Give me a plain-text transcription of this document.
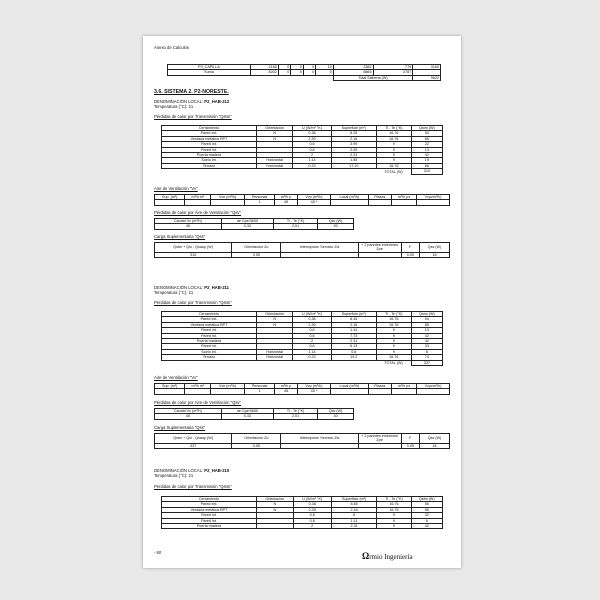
Anexo de Calculos
P3_CAPILLA	2165	0	0	0	10	2382	779	3160
Suma	8202	0	0	0	0	6865	2787	
						Total Sistema (W)		9622
3.6. SISTEMA 2. P2-NORESTE.
DENOMINACIÓN LOCAL: P2_HAB-212
Temperatura (°C): 21
Pérdidas de calor por Transmisión "Qstm"
Cerramiento	Orientación	U (W/m² °K)	Superficie (m²)	Ti - Te (°K)	Qstm (W)
Pared ext.	N	0.38	8.25	16.76	53
Ventana metálica RPT	N	2.39	2.16	16.76	85
Pared int.		0.6	3.99	9	22
Pared int.		0.6	2.39	9	13
Puerta madera		2	2.31	9	42
Suelo int.	Horizontal	1.14	1.85	9	19
Terrazo	Horizontal	0.23	17.19	16.76	66
				TOTAL (W)	310
Aire de Ventilación "Vv"
Sup. (m²)	m³/h m²	Vve (m³/h)	Personas	m³/h p	Vvp (m³/h)	Local (m³/h)	Plazas	m³/h pz	Vvpzm³/h)
			1	45	45 *				
Pérdidas de calor por Aire de Ventilación "Qsv"
Caudal Vv (m³/h)	de Cpe/3600	Ti - Te (°K)	Qsv (W)
45	0.33	2.01	30
Carga Suplementaria "Qss"
Qstm + Qsi - Qsaup (W)	Orientación Zo	Interrupción Servicio Zis	+ 2 paredes exteriores Zpe	F	Qss (W)
310	0.05			0.05	16
DENOMINACIÓN LOCAL: P2_HAB-211
Temperatura (°C): 21
Pérdidas de calor por Transmisión "Qstm"
Cerramiento	Orientación	U (W/m² °K)	Superficie (m²)	Ti - Te (°K)	Qstm (W)
Pared ext.	N	0.38	8.45	16.76	54
Ventana metálica RPT	N	2.39	2.16	16.76	85
Pared int.		0.6	1.41	9	13
Pared int.		0.6	7.73	9	42
Puerta madera		2	2.31	9	42
Pared int.		0.6	6.13	9	33
Suelo int.	Horizontal	1.14	0.6	9	6
Terrazo	Horizontal	0.23	19.2	16.76	74
				TOTAL (W)	337
Aire de Ventilación "Vv"
Sup. (m²)	m³/h m²	Vve (m³/h)	Personas	m³/h p	Vvp (m³/h)	Local (m³/h)	Plazas	m³/h pz	Vvpzm³/h)
			1	45	45 *				
Pérdidas de calor por Aire de Ventilación "Qsv"
Caudal Vv (m³/h)	de Cpe/3600	Ti - Te (°K)	Qsv (W)
45	0.33	2.01	30
Carga Suplementaria "Qss"
Qstm + Qsi - Qsaup (W)	Orientación Zo	Interrupción Servicio Zis	+ 2 paredes exteriores Zpe	F	Qss (W)
337	0.05			0.05	16
DENOMINACIÓN LOCAL: P2_HAB-210
Temperatura (°C): 21
Pérdidas de calor por Transmisión "Qstm"
Cerramiento	Orientación	U (W/m² °K)	Superficie (m²)	Ti - Te (°K)	Qstm (W)
Pared ext.	N	0.38	8.65	16.76	55
Ventana metálica RPT	N	2.39	2.16	16.76	85
Pared int.		0.6	6	9	32
Pared int.		0.6	1.11	9	6
Puerta madera		2	2.31	9	42
- 60	Ωrmio Ingeniería
